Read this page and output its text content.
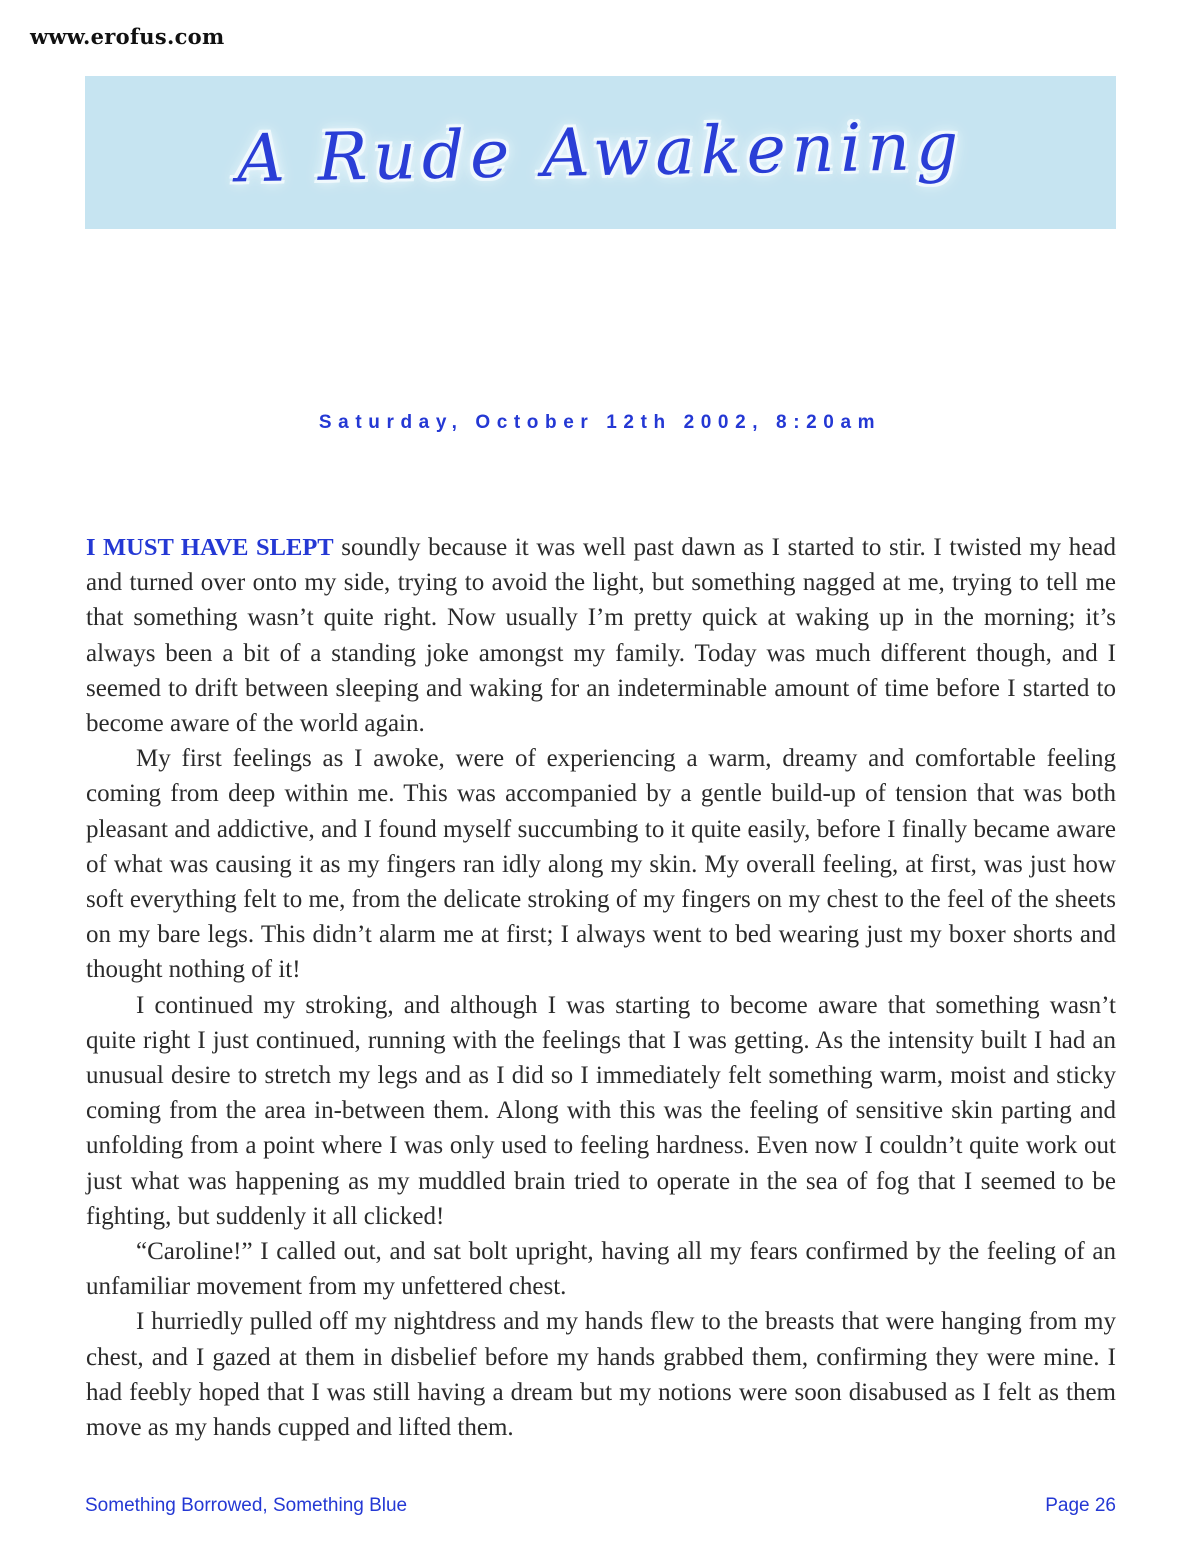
www.erofus.com
A Rude Awakening
Saturday, October 12th 2002, 8:20am

I MUST HAVE SLEPT soundly because it was well past dawn as I started to stir. I twisted my head and turned over onto my side, trying to avoid the light, but something nagged at me, trying to tell me that something wasn’t quite right. Now usually I’m pretty quick at waking up in the morning; it’s always been a bit of a standing joke amongst my family. Today was much different though, and I seemed to drift between sleeping and waking for an indeterminable amount of time before I started to become aware of the world again.

My first feelings as I awoke, were of experiencing a warm, dreamy and comfortable feeling coming from deep within me. This was accompanied by a gentle build-up of tension that was both pleasant and addictive, and I found myself succumbing to it quite easily, before I finally became aware of what was causing it as my fingers ran idly along my skin. My overall feeling, at first, was just how soft everything felt to me, from the delicate stroking of my fingers on my chest to the feel of the sheets on my bare legs. This didn’t alarm me at first; I always went to bed wearing just my boxer shorts and thought nothing of it!

I continued my stroking, and although I was starting to become aware that something wasn’t quite right I just continued, running with the feelings that I was getting. As the intensity built I had an unusual desire to stretch my legs and as I did so I immediately felt something warm, moist and sticky coming from the area in-between them. Along with this was the feeling of sensitive skin parting and unfolding from a point where I was only used to feeling hardness. Even now I couldn’t quite work out just what was happening as my muddled brain tried to operate in the sea of fog that I seemed to be fighting, but suddenly it all clicked!

“Caroline!” I called out, and sat bolt upright, having all my fears confirmed by the feeling of an unfamiliar movement from my unfettered chest.

I hurriedly pulled off my nightdress and my hands flew to the breasts that were hanging from my chest, and I gazed at them in disbelief before my hands grabbed them, confirming they were mine. I had feebly hoped that I was still having a dream but my notions were soon disabused as I felt as them move as my hands cupped and lifted them.

Something Borrowed, Something Blue	Page 26
